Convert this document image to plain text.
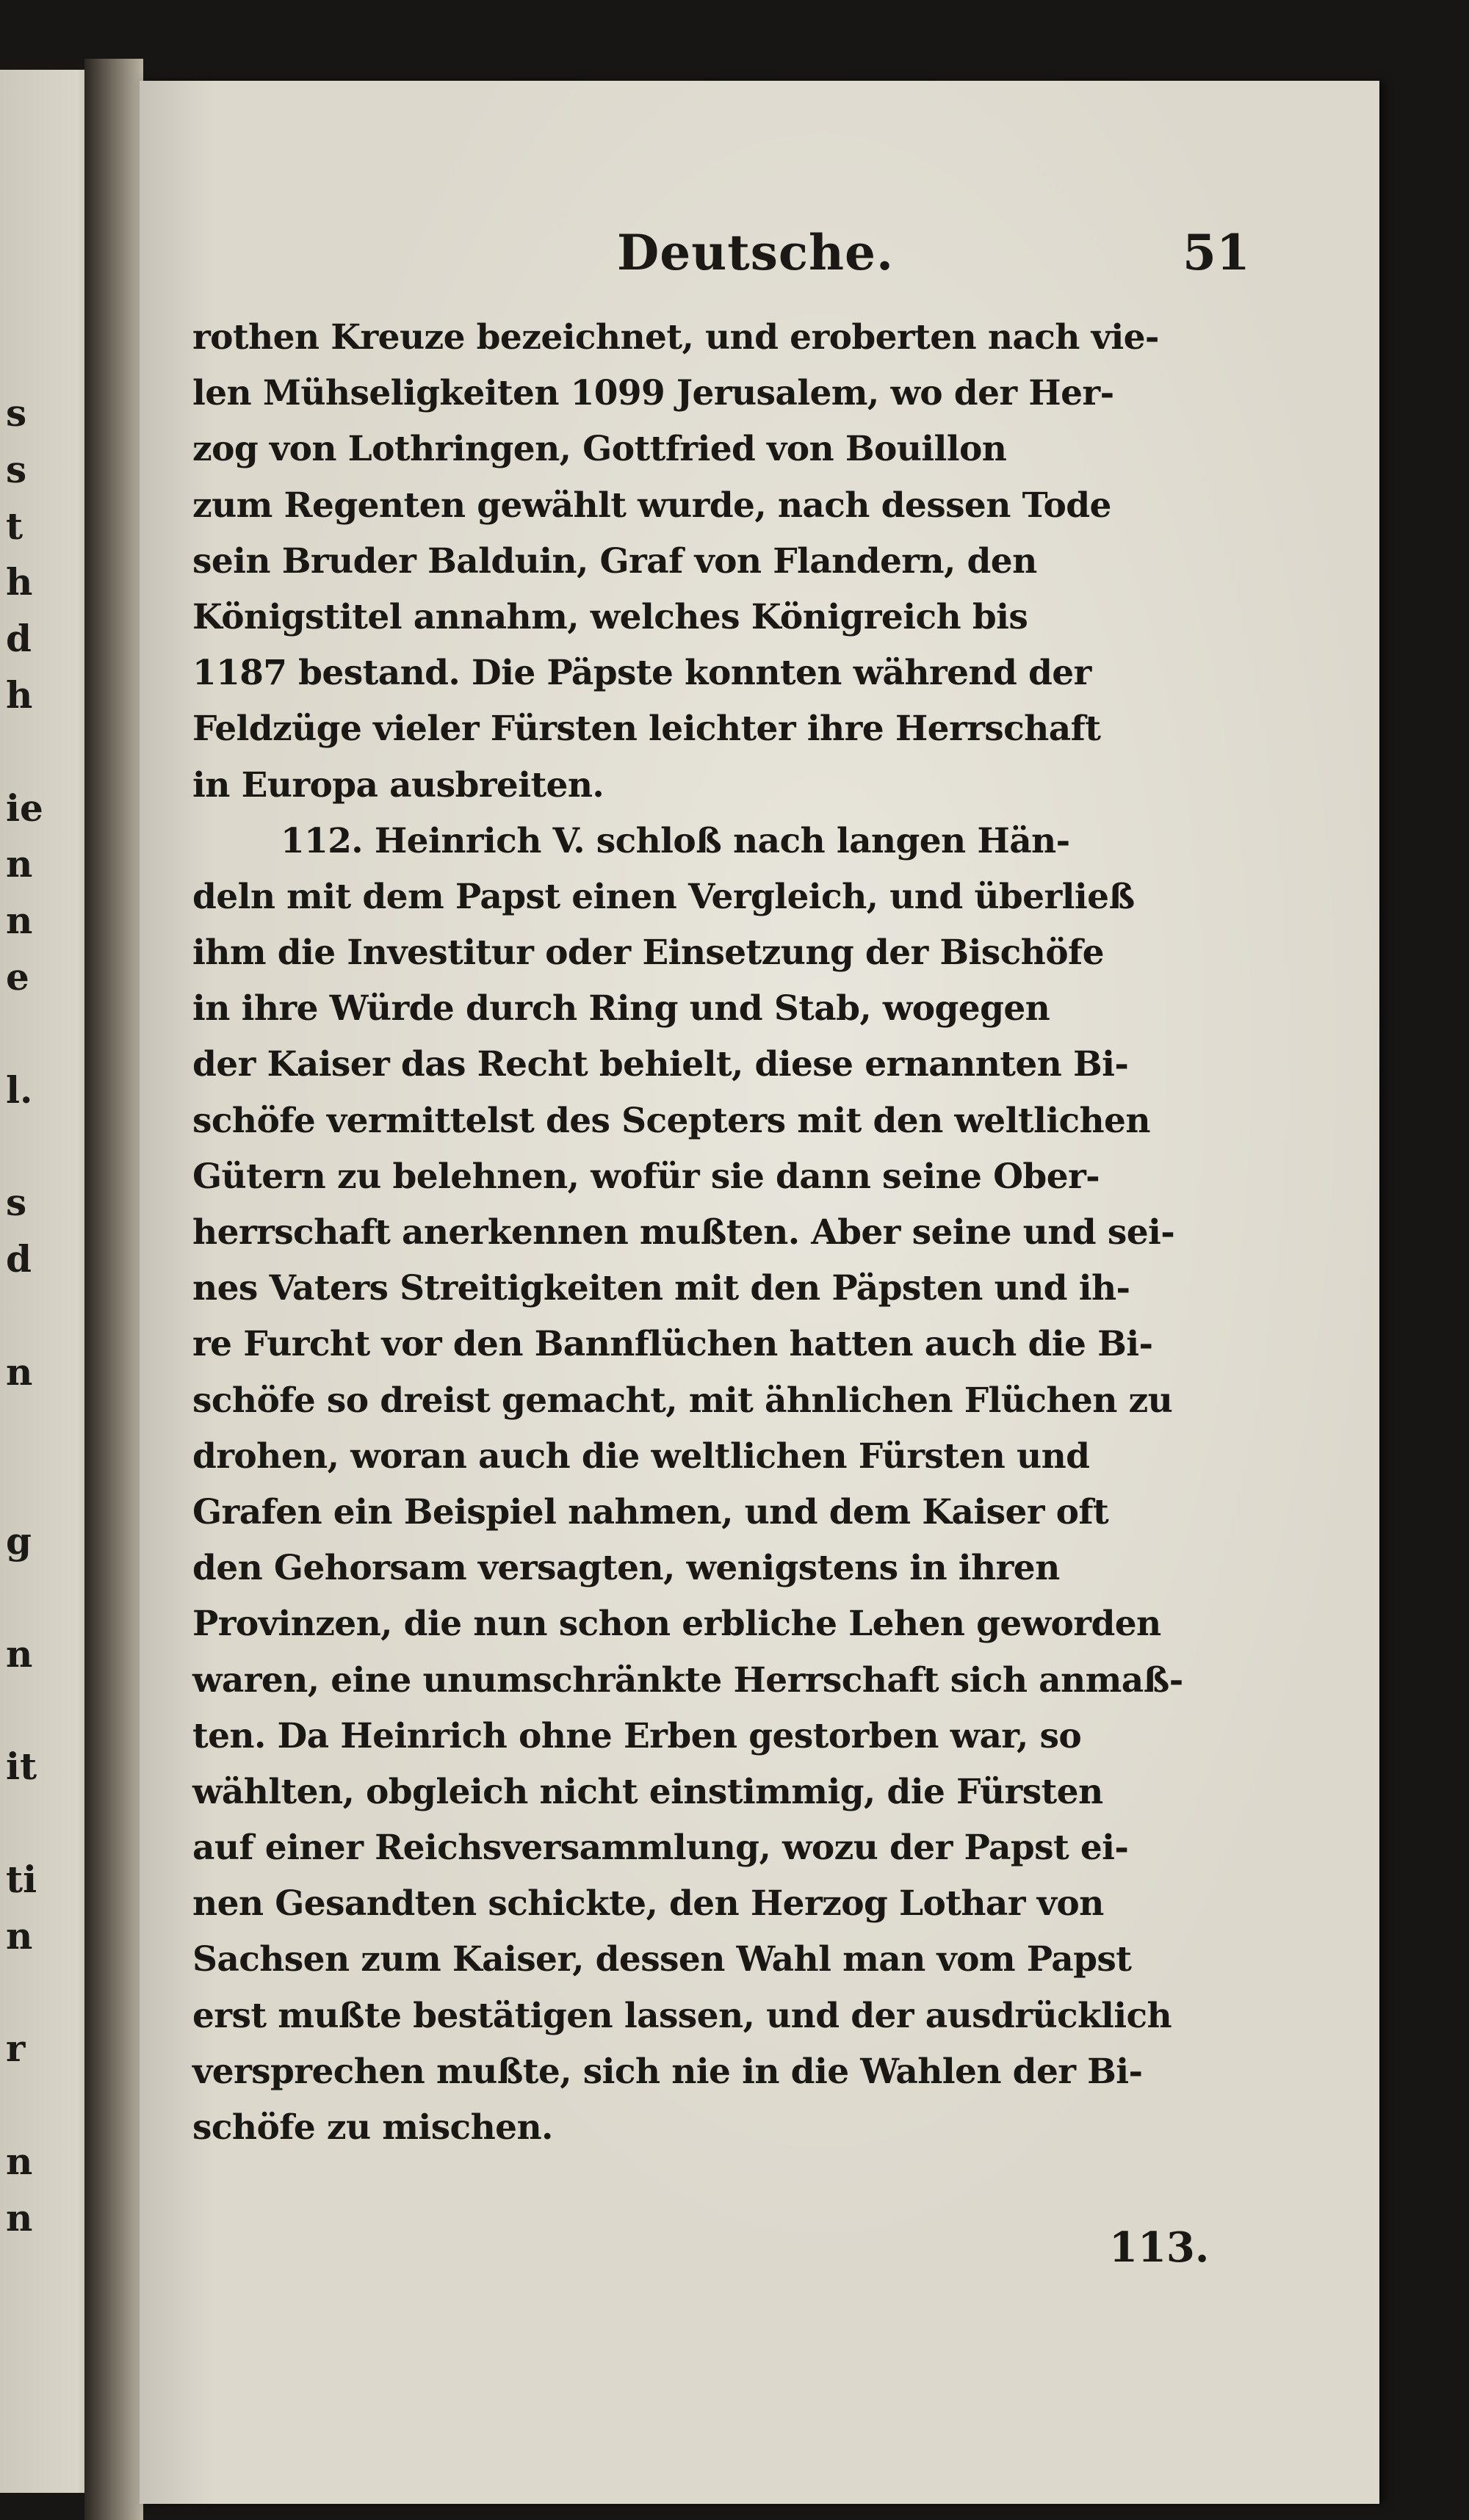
s
s
t
h
d
h
ie
n
n
e
l.
s
d
n
g
n
it
ti
n
r
n
n
Deutsche.	51
rothen Kreuze bezeichnet, und eroberten nach vie-
len Mühseligkeiten 1099 Jerusalem, wo der Her-
zog von Lothringen, Gottfried von Bouillon
zum Regenten gewählt wurde, nach dessen Tode
sein Bruder Balduin, Graf von Flandern, den
Königstitel annahm, welches Königreich bis
1187 bestand. Die Päpste konnten während der
Feldzüge vieler Fürsten leichter ihre Herrschaft
in Europa ausbreiten.
112. Heinrich V. schloß nach langen Hän-
deln mit dem Papst einen Vergleich, und überließ
ihm die Investitur oder Einsetzung der Bischöfe
in ihre Würde durch Ring und Stab, wogegen
der Kaiser das Recht behielt, diese ernannten Bi-
schöfe vermittelst des Scepters mit den weltlichen
Gütern zu belehnen, wofür sie dann seine Ober-
herrschaft anerkennen mußten. Aber seine und sei-
nes Vaters Streitigkeiten mit den Päpsten und ih-
re Furcht vor den Bannflüchen hatten auch die Bi-
schöfe so dreist gemacht, mit ähnlichen Flüchen zu
drohen, woran auch die weltlichen Fürsten und
Grafen ein Beispiel nahmen, und dem Kaiser oft
den Gehorsam versagten, wenigstens in ihren
Provinzen, die nun schon erbliche Lehen geworden
waren, eine unumschränkte Herrschaft sich anmaß-
ten. Da Heinrich ohne Erben gestorben war, so
wählten, obgleich nicht einstimmig, die Fürsten
auf einer Reichsversammlung, wozu der Papst ei-
nen Gesandten schickte, den Herzog Lothar von
Sachsen zum Kaiser, dessen Wahl man vom Papst
erst mußte bestätigen lassen, und der ausdrücklich
versprechen mußte, sich nie in die Wahlen der Bi-
schöfe zu mischen.
113.
